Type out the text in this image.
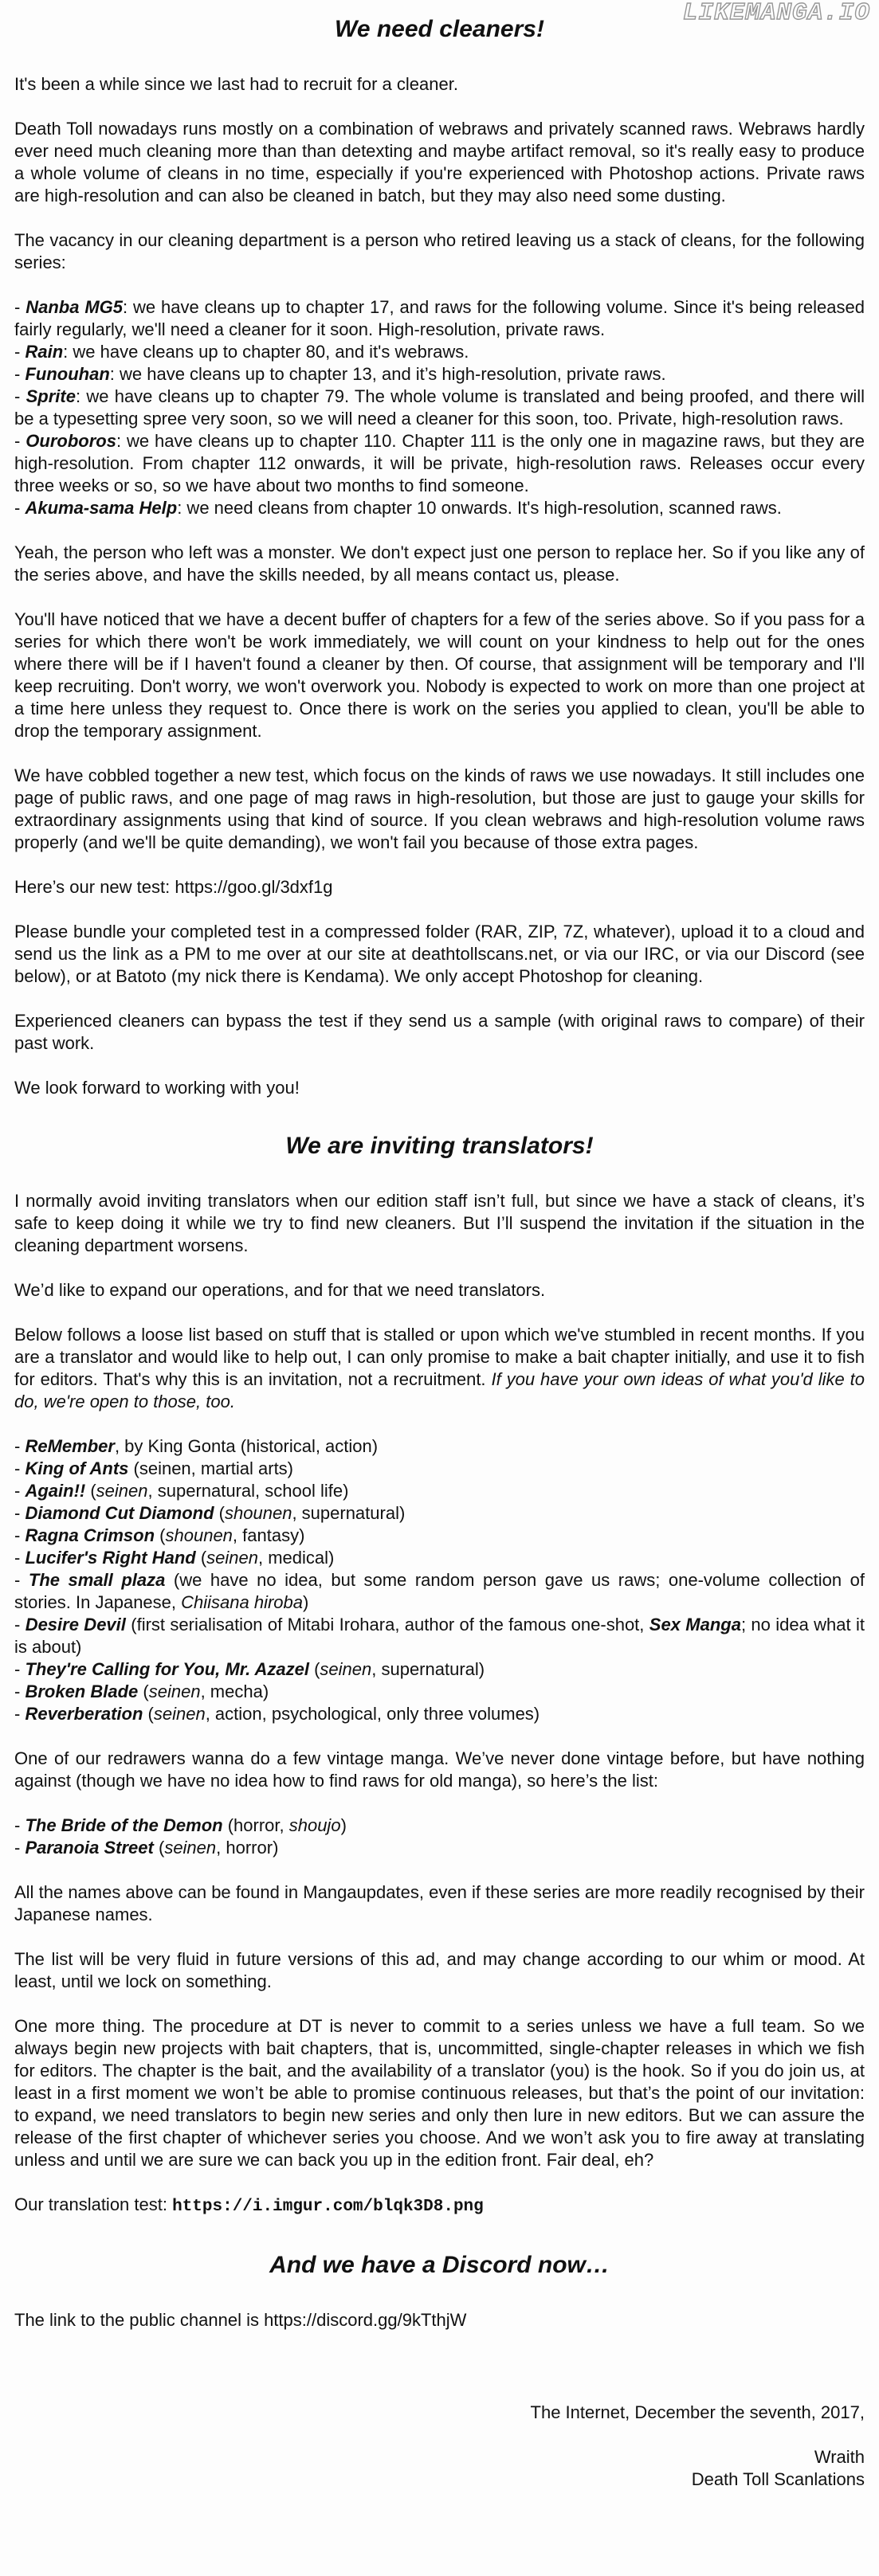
LIKEMANGA.IO
We need cleaners!
It's been a while since we last had to recruit for a cleaner.
Death Toll nowadays runs mostly on a combination of webraws and privately scanned raws. Webraws hardly ever need much cleaning more than than detexting and maybe artifact removal, so it's really easy to produce a whole volume of cleans in no time, especially if you're experienced with Photoshop actions. Private raws are high-resolution and can also be cleaned in batch, but they may also need some dusting.
The vacancy in our cleaning department is a person who retired leaving us a stack of cleans, for the following series:
- Nanba MG5: we have cleans up to chapter 17, and raws for the following volume. Since it's being released fairly regularly, we'll need a cleaner for it soon. High-resolution, private raws.
- Rain: we have cleans up to chapter 80, and it's webraws.
- Funouhan: we have cleans up to chapter 13, and it’s high-resolution, private raws.
- Sprite: we have cleans up to chapter 79. The whole volume is translated and being proofed, and there will be a typesetting spree very soon, so we will need a cleaner for this soon, too. Private, high-resolution raws.
- Ouroboros: we have cleans up to chapter 110. Chapter 111 is the only one in magazine raws, but they are high-resolution. From chapter 112 onwards, it will be private, high-resolution raws. Releases occur every three weeks or so, so we have about two months to find someone.
- Akuma-sama Help: we need cleans from chapter 10 onwards. It's high-resolution, scanned raws.
Yeah, the person who left was a monster. We don't expect just one person to replace her. So if you like any of the series above, and have the skills needed, by all means contact us, please.
You'll have noticed that we have a decent buffer of chapters for a few of the series above. So if you pass for a series for which there won't be work immediately, we will count on your kindness to help out for the ones where there will be if I haven't found a cleaner by then. Of course, that assignment will be temporary and I'll keep recruiting. Don't worry, we won't overwork you. Nobody is expected to work on more than one project at a time here unless they request to. Once there is work on the series you applied to clean, you'll be able to drop the temporary assignment.
We have cobbled together a new test, which focus on the kinds of raws we use nowadays. It still includes one page of public raws, and one page of mag raws in high-resolution, but those are just to gauge your skills for extraordinary assignments using that kind of source. If you clean webraws and high-resolution volume raws properly (and we'll be quite demanding), we won't fail you because of those extra pages.
Here’s our new test: https://goo.gl/3dxf1g
Please bundle your completed test in a compressed folder (RAR, ZIP, 7Z, whatever), upload it to a cloud and send us the link as a PM to me over at our site at deathtollscans.net, or via our IRC, or via our Discord (see below), or at Batoto (my nick there is Kendama). We only accept Photoshop for cleaning.
Experienced cleaners can bypass the test if they send us a sample (with original raws to compare) of their past work.
We look forward to working with you!
We are inviting translators!
I normally avoid inviting translators when our edition staff isn’t full, but since we have a stack of cleans, it’s safe to keep doing it while we try to find new cleaners. But I’ll suspend the invitation if the situation in the cleaning department worsens.
We’d like to expand our operations, and for that we need translators.
Below follows a loose list based on stuff that is stalled or upon which we've stumbled in recent months. If you are a translator and would like to help out, I can only promise to make a bait chapter initially, and use it to fish for editors. That's why this is an invitation, not a recruitment. If you have your own ideas of what you'd like to do, we're open to those, too.
- ReMember, by King Gonta (historical, action)
- King of Ants (seinen, martial arts)
- Again!! (seinen, supernatural, school life)
- Diamond Cut Diamond (shounen, supernatural)
- Ragna Crimson (shounen, fantasy)
- Lucifer's Right Hand (seinen, medical)
- The small plaza (we have no idea, but some random person gave us raws; one-volume collection of stories. In Japanese, Chiisana hiroba)
- Desire Devil (first serialisation of Mitabi Irohara, author of the famous one-shot, Sex Manga; no idea what it is about)
- They're Calling for You, Mr. Azazel (seinen, supernatural)
- Broken Blade (seinen, mecha)
- Reverberation (seinen, action, psychological, only three volumes)
One of our redrawers wanna do a few vintage manga. We’ve never done vintage before, but have nothing against (though we have no idea how to find raws for old manga), so here’s the list:
- The Bride of the Demon (horror, shoujo)
- Paranoia Street (seinen, horror)
All the names above can be found in Mangaupdates, even if these series are more readily recognised by their Japanese names.
The list will be very fluid in future versions of this ad, and may change according to our whim or mood. At least, until we lock on something.
One more thing. The procedure at DT is never to commit to a series unless we have a full team. So we always begin new projects with bait chapters, that is, uncommitted, single-chapter releases in which we fish for editors. The chapter is the bait, and the availability of a translator (you) is the hook. So if you do join us, at least in a first moment we won’t be able to promise continuous releases, but that’s the point of our invitation: to expand, we need translators to begin new series and only then lure in new editors. But we can assure the release of the first chapter of whichever series you choose. And we won’t ask you to fire away at translating unless and until we are sure we can back you up in the edition front. Fair deal, eh?
Our translation test: https://i.imgur.com/blqk3D8.png
And we have a Discord now…
The link to the public channel is https://discord.gg/9kTthjW
The Internet, December the seventh, 2017,
Wraith
Death Toll Scanlations
